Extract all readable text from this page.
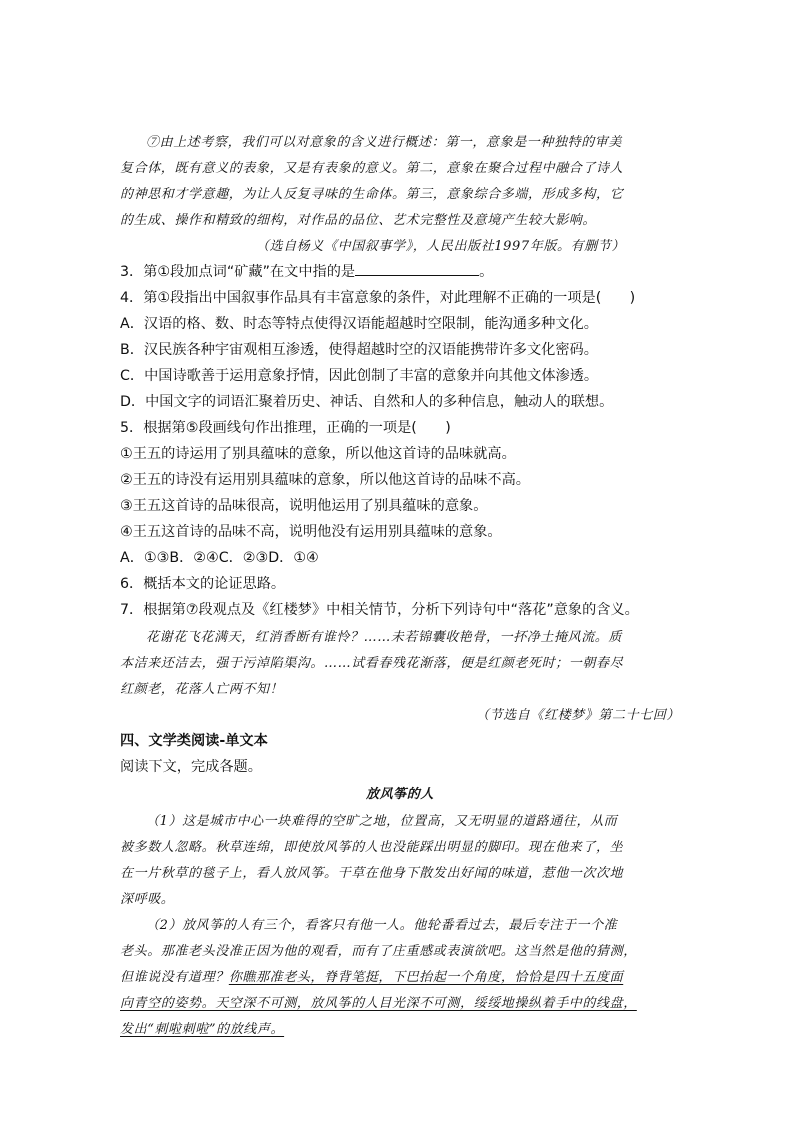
⑦由上述考察，我们可以对意象的含义进行概述：第一，意象是一种独特的审美

复合体，既有意义的表象，又是有表象的意义。第二，意象在聚合过程中融合了诗人

的神思和才学意趣，为让人反复寻味的生命体。第三，意象综合多端，形成多构，它

的生成、操作和精致的细构，对作品的品位、艺术完整性及意境产生较大影响。

（选自杨义《中国叙事学》，人民出版社1997年版。有删节）

3．第①段加点词“矿藏”在文中指的是	。

4．第①段指出中国叙事作品具有丰富意象的条件，对此理解不正确的一项是(　　)

A．汉语的格、数、时态等特点使得汉语能超越时空限制，能沟通多种文化。

B．汉民族各种宇宙观相互渗透，使得超越时空的汉语能携带许多文化密码。

C．中国诗歌善于运用意象抒情，因此创制了丰富的意象并向其他文体渗透。

D．中国文字的词语汇聚着历史、神话、自然和人的多种信息，触动人的联想。

5．根据第⑤段画线句作出推理，正确的一项是(　　)

①王五的诗运用了别具蕴味的意象，所以他这首诗的品味就高。

②王五的诗没有运用别具蕴味的意象，所以他这首诗的品味不高。

③王五这首诗的品味很高，说明他运用了别具蕴味的意象。

④王五这首诗的品味不高，说明他没有运用别具蕴味的意象。

A．①③B．②④C．②③D．①④

6．概括本文的论证思路。

7．根据第⑦段观点及《红楼梦》中相关情节，分析下列诗句中“落花”意象的含义。

花谢花飞花满天，红消香断有谁怜？……未若锦囊收艳骨，一抔净土掩风流。质

本洁来还洁去，强于污淖陷渠沟。……试看春残花渐落，便是红颜老死时；一朝春尽

红颜老，花落人亡两不知！

（节选自《红楼梦》第二十七回）

四、文学类阅读-单文本

阅读下文，完成各题。

放风筝的人

（1）这是城市中心一块难得的空旷之地，位置高，又无明显的道路通往，从而

被多数人忽略。秋草连绵，即使放风筝的人也没能踩出明显的脚印。现在他来了，坐

在一片秋草的毯子上，看人放风筝。干草在他身下散发出好闻的味道，惹他一次次地

深呼吸。

（2）放风筝的人有三个，看客只有他一人。他轮番看过去，最后专注于一个准

老头。那准老头没准正因为他的观看，而有了庄重感或表演欲吧。这当然是他的猜测，

但谁说没有道理？你瞧那准老头，脊背笔挺，下巴抬起一个角度，恰恰是四十五度面

向青空的姿势。天空深不可测，放风筝的人目光深不可测，绥绥地操纵着手中的线盘，

发出“刺啦刺啦”的放线声。
